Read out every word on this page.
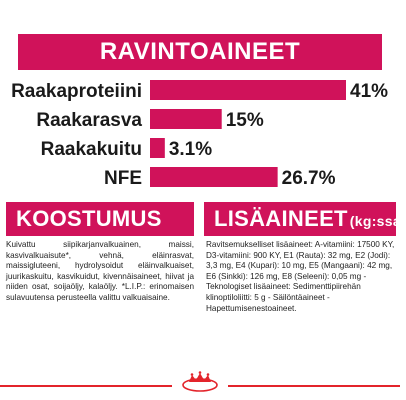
RAVINTOAINEET
Raakaproteiini	41%
Raakarasva	15%
Raakakuitu 3.1%
NFE	26.7%
KOOSTUMUS
Kuivattu siipikarjanvalkuainen, maissi, kasvivalkuaisute*, vehnä, eläinrasvat, maissigluteeni, hydrolysoidut eläinvalkuaiset, juurikaskuitu, kasvikuidut, kivennäisaineet, hiivat ja niiden osat, soijaöljy, kalaöljy. *L.I.P.: erinomaisen sulavuutensa perusteella valittu valkuaisaine.
LISÄAINEET (kg:ssa)
Ravitsemukselliset lisäaineet: A-vitamiini: 17500 KY, D3-vitamiini: 900 KY, E1 (Rauta): 32 mg, E2 (Jodi): 3,3 mg, E4 (Kupari): 10 mg, E5 (Mangaani): 42 mg, E6 (Sinkki): 126 mg, E8 (Seleeni): 0,05 mg - Teknologiset lisäaineet: Sedimenttipiirehän klinoptiloliitti: 5 g - Säilöntäaineet - Hapettumisenestoaineet.
